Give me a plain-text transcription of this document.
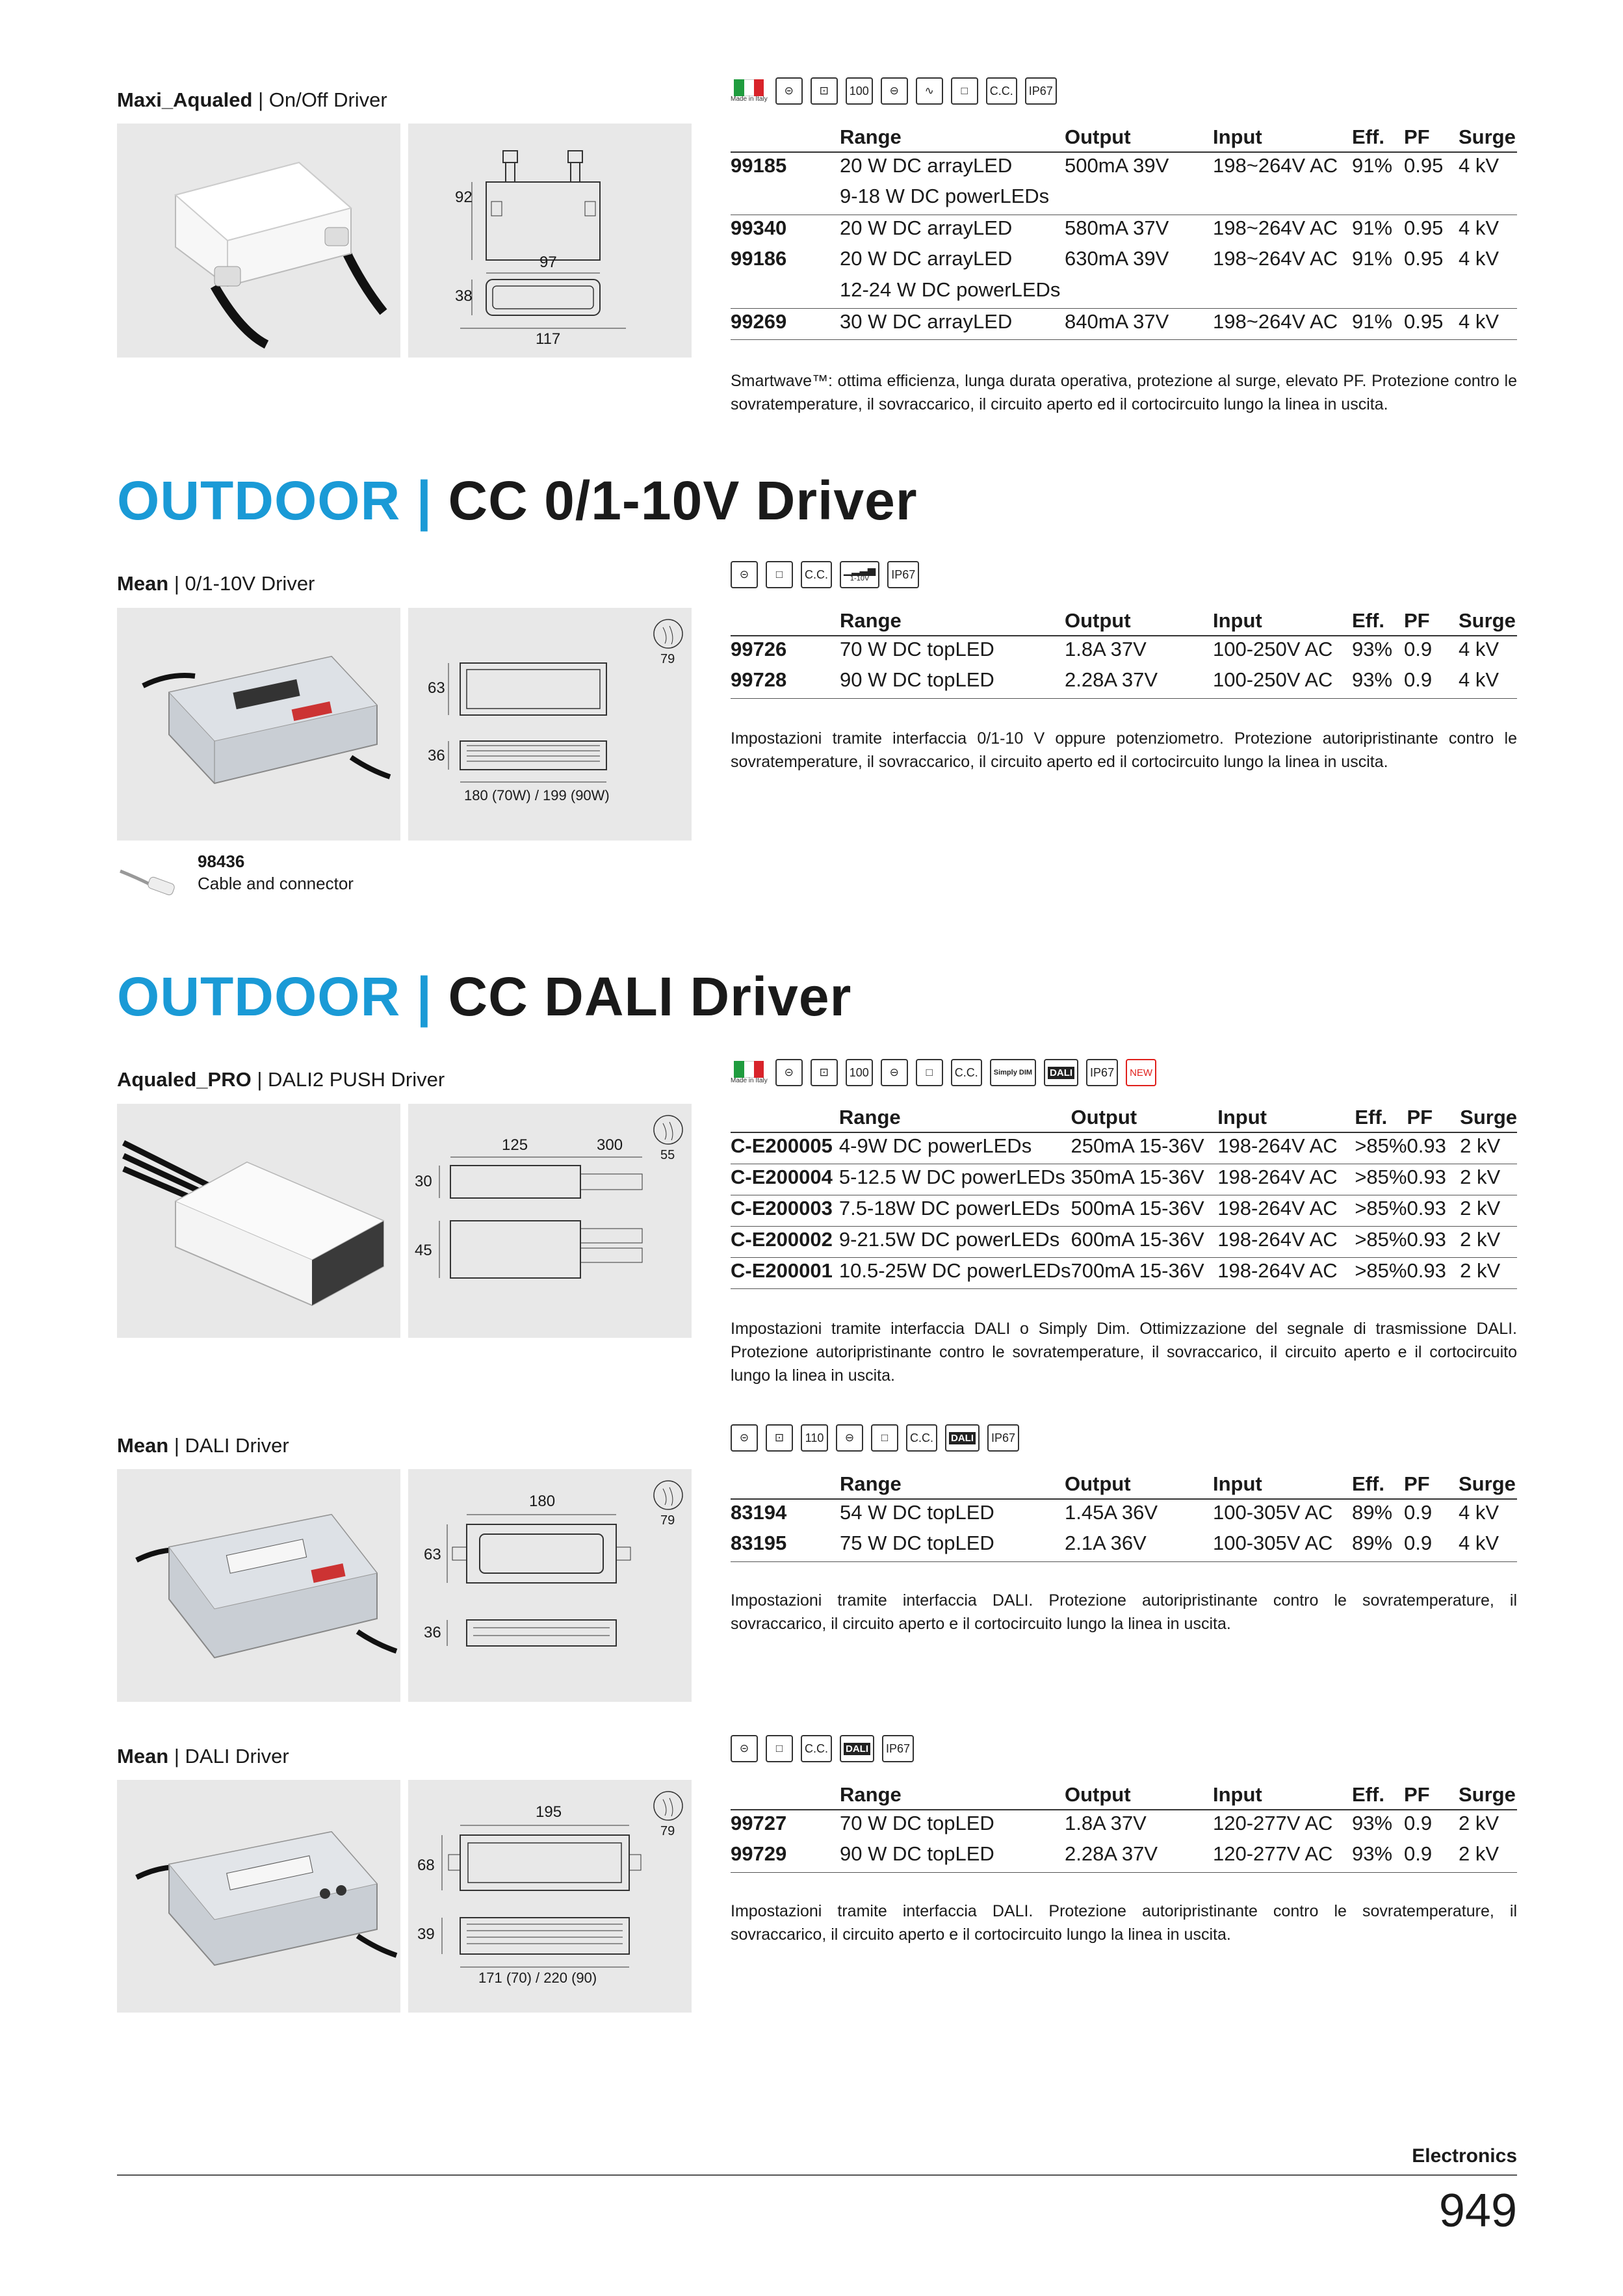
Maxi_Aqualed | On/Off Driver
92
97
38
117
Made in Italy
⊝	⊡	100	⊖	∿	□	C.C. IP67
	Range	Output	Input	Eff.	PF	Surge
99185	20 W DC arrayLED	500mA 39V	198~264V AC	91%	0.95	4 kV
	9-18 W DC powerLEDs					
99340	20 W DC arrayLED	580mA 37V	198~264V AC	91%	0.95	4 kV
99186	20 W DC arrayLED	630mA 39V	198~264V AC	91%	0.95	4 kV
	12-24 W DC powerLEDs					
99269	30 W DC arrayLED	840mA 37V	198~264V AC	91%	0.95	4 kV
Smartwave™: ottima efficienza, lunga durata operativa, protezione al surge, elevato PF. Protezione contro le sovratemperature, il sovraccarico, il circuito aperto ed il cortocircuito lungo la linea in uscita.
OUTDOOR | CC 0/1-10V Driver
Mean | 0/1-10V Driver
79
63
36
180 (70W) / 199 (90W)
⊝	□	C.C. ▁▂▃▅
1-10V IP67
	Range	Output	Input	Eff.	PF	Surge
99726	70 W DC topLED	1.8A 37V	100-250V AC	93%	0.9	4 kV
99728	90 W DC topLED	2.28A 37V	100-250V AC	93%	0.9	4 kV
Impostazioni tramite interfaccia 0/1-10 V oppure potenziometro. Protezione autoripristinante contro le sovratemperature, il sovraccarico, il circuito aperto ed il cortocircuito lungo la linea in uscita.
98436
Cable and connector
OUTDOOR | CC DALI Driver
Aqualed_PRO | DALI2 PUSH Driver
125	300
55
30
45
Made in Italy
⊝	⊡	100	⊖	□	C.C. Simply DIM DALI IP67 NEW
	Range	Output	Input	Eff.	PF	Surge
C-E200005	4-9W DC powerLEDs	250mA 15-36V	198-264V AC	>85%	0.93	2 kV
C-E200004	5-12.5 W DC powerLEDs	350mA 15-36V	198-264V AC	>85%	0.93	2 kV
C-E200003	7.5-18W DC powerLEDs	500mA 15-36V	198-264V AC	>85%	0.93	2 kV
C-E200002	9-21.5W DC powerLEDs	600mA 15-36V	198-264V AC	>85%	0.93	2 kV
C-E200001	10.5-25W DC powerLEDs	700mA 15-36V	198-264V AC	>85%	0.93	2 kV
Impostazioni tramite interfaccia DALI o Simply Dim. Ottimizzazione del segnale di trasmissione DALI. Protezione autoripristinante contro le sovratemperature, il sovraccarico, il circuito aperto e il cortocircuito lungo la linea in uscita.
Mean | DALI Driver
180
79
63
36
⊝	⊡	110	⊖	□	C.C. DALI IP67
	Range	Output	Input	Eff.	PF	Surge
83194	54 W DC topLED	1.45A 36V	100-305V AC	89%	0.9	4 kV
83195	75 W DC topLED	2.1A 36V	100-305V AC	89%	0.9	4 kV
Impostazioni tramite interfaccia DALI. Protezione autoripristinante contro le sovratemperature, il sovraccarico, il circuito aperto e il cortocircuito lungo la linea in uscita.
Mean | DALI Driver
195
79
68
39
171 (70) / 220 (90)
⊝	□	C.C. DALI IP67
	Range	Output	Input	Eff.	PF	Surge
99727	70 W DC topLED	1.8A 37V	120-277V AC	93%	0.9	2 kV
99729	90 W DC topLED	2.28A 37V	120-277V AC	93%	0.9	2 kV
Impostazioni tramite interfaccia DALI. Protezione autoripristinante contro le sovratemperature, il sovraccarico, il circuito aperto e il cortocircuito lungo la linea in uscita.
Electronics
949
